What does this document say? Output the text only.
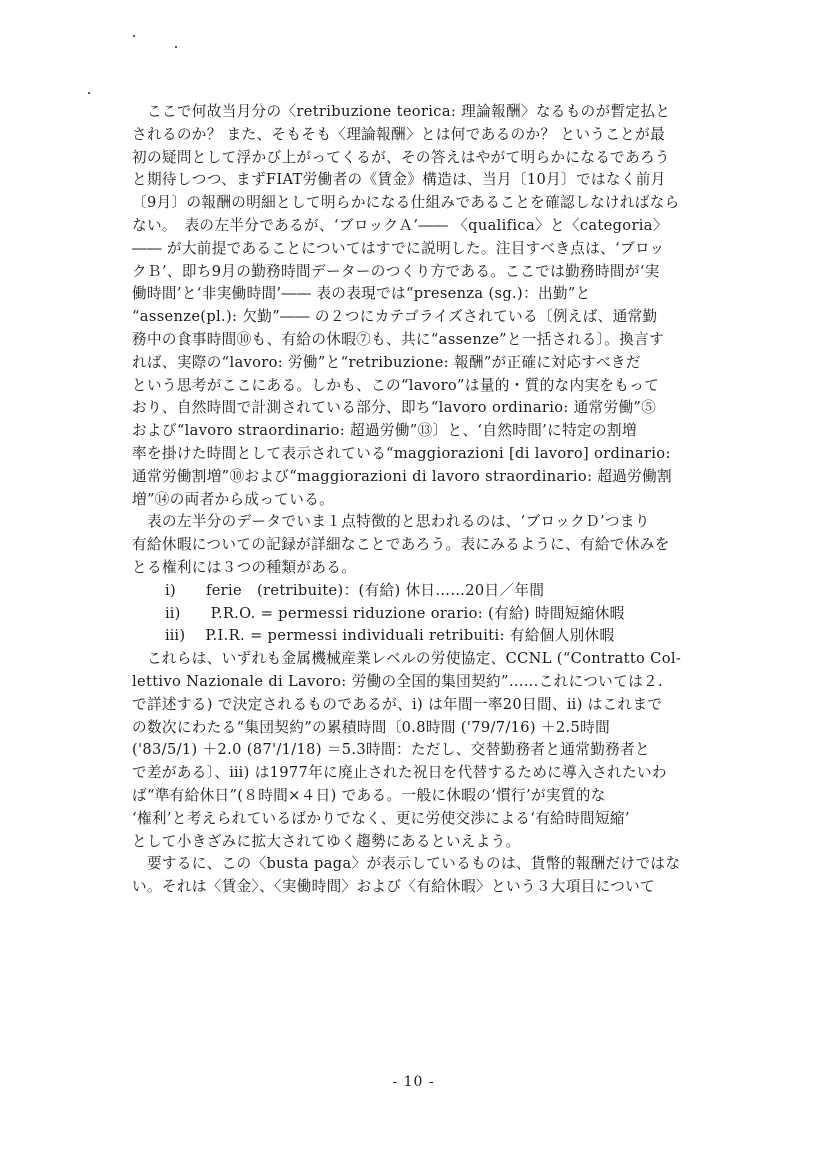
　ここで何故当月分の〈retribuzione teorica: 理論報酬〉なるものが暫定払と
されるのか？ また、そもそも〈理論報酬〉とは何であるのか？ ということが最
初の疑問として浮かび上がってくるが、その答えはやがて明らかになるであろう
と期待しつつ、まずFIAT労働者の《賃金》構造は、当月〔10月〕ではなく前月
〔9月〕の報酬の明細として明らかになる仕組みであることを確認しなければなら
ない。　表の左半分であるが、‘ブロックＡ’―― 〈qualifica〉と〈categoria〉
―― が大前提であることについてはすでに説明した。注目すべき点は、‘ブロッ
クＢ’、即ち9月の勤務時間データーのつくり方である。ここでは勤務時間が‘実
働時間’と‘非実働時間’―― 表の表現では“presenza (sg.)：出勤”と
“assenze(pl.): 欠勤”―― の２つにカテゴライズされている〔例えば、通常勤
務中の食事時間⑩も、有給の休暇⑦も、共に“assenze”と一括される〕。換言す
れば、実際の“lavoro: 労働”と“retribuzione: 報酬”が正確に対応すべきだ
という思考がここにある。しかも、この“lavoro”は量的・質的な内実をもって
おり、自然時間で計測されている部分、即ち“lavoro ordinario: 通常労働”⑤
および“lavoro straordinario: 超過労働”⑬〕と、‘自然時間’に特定の割増
率を掛けた時間として表示されている“maggiorazioni [di lavoro] ordinario:
通常労働割増”⑩および“maggiorazioni di lavoro straordinario: 超過労働割
増”⑭の両者から成っている。
　表の左半分のデータでいま１点特徴的と思われるのは、‘ブロックＤ’つまり
有給休暇についての記録が詳細なことであろう。表にみるように、有給で休みを
とる権利には３つの種類がある。
ⅰ)　　ferie　(retribuite)：(有給) 休日……20日／年間
ⅱ)　　P.R.O. = permessi riduzione orario: (有給) 時間短縮休暇
ⅲ)　 P.I.R. = permessi individuali retribuiti: 有給個人別休暇
　これらは、いずれも金属機械産業レベルの労使協定、CCNL (“Contratto Col-
lettivo Nazionale di Lavoro: 労働の全国的集団契約”……これについては２.
で詳述する) で決定されるものであるが、ⅰ) は年間一率20日間、ⅱ) はこれまで
の数次にわたる“集団契約”の累積時間〔0.8時間 ('79/7/16) ＋2.5時間
('83/5/1) ＋2.0 (87'/1/18) ＝5.3時間：ただし、交替勤務者と通常勤務者と
で差がある〕、ⅲ) は1977年に廃止された祝日を代替するために導入されたいわ
ば“準有給休日”(８時間×４日) である。一般に休暇の‘慣行’が実質的な
‘権利’と考えられているばかりでなく、更に労使交渉による‘有給時間短縮’
として小きざみに拡大されてゆく趨勢にあるといえよう。
　要するに、この〈busta paga〉が表示しているものは、貨幣的報酬だけではな
い。それは〈賃金〉、〈実働時間〉および〈有給休暇〉という３大項目について
- 10 -
